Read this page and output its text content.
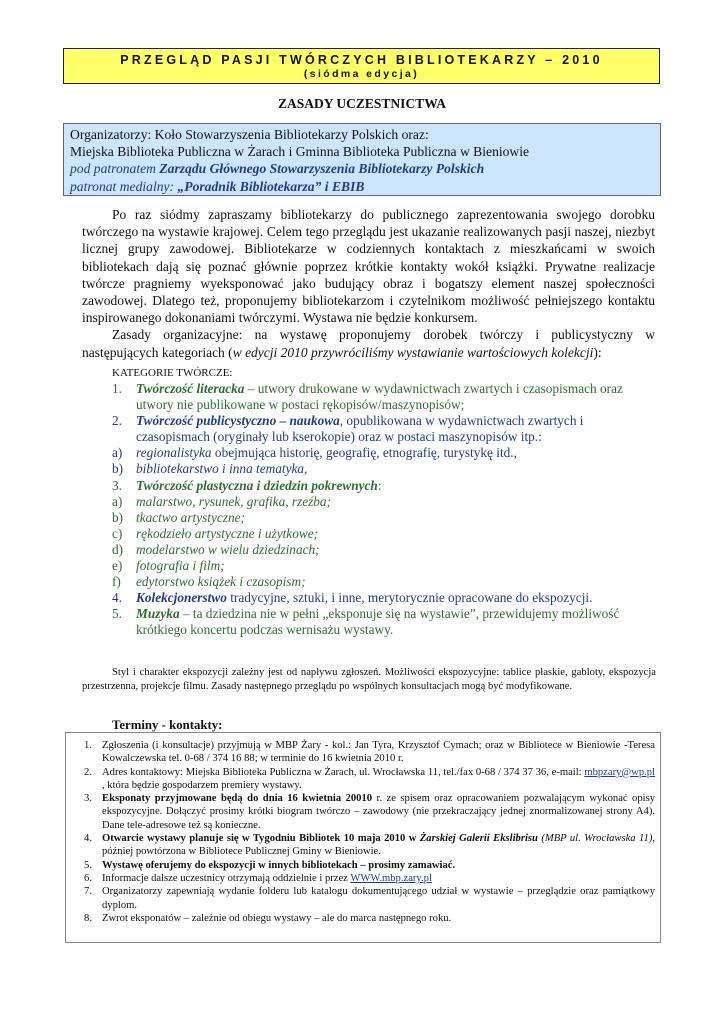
PRZEGLĄD PASJI TWÓRCZYCH BIBLIOTEKARZY – 2010
(siódma edycja)
ZASADY UCZESTNICTWA
Organizatorzy: Koło Stowarzyszenia Bibliotekarzy Polskich oraz:
Miejska Biblioteka Publiczna w Żarach i Gminna Biblioteka Publiczna w Bieniowie
pod patronatem Zarządu Głównego Stowarzyszenia Bibliotekarzy Polskich
patronat medialny: „Poradnik Bibliotekarza” i EBIB

Po raz siódmy zapraszamy bibliotekarzy do publicznego zaprezentowania swojego dorobku twórczego na wystawie krajowej. Celem tego przeglądu jest ukazanie realizowanych pasji naszej, niezbyt licznej grupy zawodowej. Bibliotekarze w codziennych kontaktach z mieszkańcami w swoich bibliotekach dają się poznać głównie poprzez krótkie kontakty wokół książki. Prywatne realizacje twórcze pragniemy wyeksponować jako budujący obraz i bogatszy element naszej społeczności zawodowej. Dlatego też, proponujemy bibliotekarzom i czytelnikom możliwość pełniejszego kontaktu inspirowanego dokonaniami twórczymi. Wystawa nie będzie konkursem.

Zasady organizacyjne: na wystawę proponujemy dorobek twórczy i publicystyczny w następujących kategoriach (w edycji 2010 przywróciliśmy wystawianie wartościowych kolekcji):

KATEGORIE TWÓRCZE:
1.	Twórczość literacka – utwory drukowane w wydawnictwach zwartych i czasopismach oraz utwory nie publikowane w postaci rękopisów/maszynopisów;
2.	Twórczość publicystyczno – naukowa, opublikowana w wydawnictwach zwartych i czasopismach (oryginały lub kserokopie) oraz w postaci maszynopisów itp.:
a)	regionalistyka obejmująca historię, geografię, etnografię, turystykę itd.,
b) bibliotekarstwo i inna tematyka,
3.	Twórczość plastyczna i dziedzin pokrewnych:
a)	malarstwo, rysunek, grafika, rzeźba;
b) tkactwo artystyczne;
c)	rękodzieło artystyczne i użytkowe;
d) modelarstwo w wielu dziedzinach;
e)	fotografia i film;
f)	edytorstwo książek i czasopism;
4.	Kolekcjonerstwo tradycyjne, sztuki, i inne, merytorycznie opracowane do ekspozycji.
5.	Muzyka – ta dziedzina nie w pełni „eksponuje się na wystawie”, przewidujemy możliwość krótkiego koncertu podczas wernisażu wystawy.

Styl i charakter ekspozycji zależny jest od napływu zgłoszeń. Możliwości ekspozycyjne: tablice płaskie, gabloty, ekspozycja przestrzenna, projekcje filmu. Zasady następnego przeglądu po wspólnych konsultacjach mogą być modyfikowane.

Terminy - kontakty:
1. Zgłoszenia (i konsultacje) przyjmują w MBP Żary - kol.: Jan Tyra, Krzysztof Cymach; oraz w Bibliotece w Bieniowie -Teresa Kowalczewska tel. 0-68 / 374 16 88; w terminie do 16 kwietnia 2010 r.
2. Adres kontaktowy: Miejska Biblioteka Publiczna w Żarach, ul. Wrocławska 11, tel./fax 0-68 / 374 37 36, e-mail: mbpzary@wp.pl , która będzie gospodarzem premiery wystawy.
3. Eksponaty przyjmowane będą do dnia 16 kwietnia 20010 r. ze spisem oraz opracowaniem pozwalającym wykonać opisy ekspozycyjne. Dołączyć prosimy krótki biogram twórczo – zawodowy (nie przekraczający jednej znormalizowanej strony A4). Dane tele-adresowe też są konieczne.
4. Otwarcie wystawy planuje się w Tygodniu Bibliotek 10 maja 2010 w Żarskiej Galerii Ekslibrisu (MBP ul. Wrocławska 11), później powtórzona w Bibliotece Publicznej Gminy w Bieniowie.
5. Wystawę oferujemy do ekspozycji w innych bibliotekach – prosimy zamawiać.
6. Informacje dalsze uczestnicy otrzymają oddzielnie i przez WWW.mbp.zary.pl
7. Organizatorzy zapewniają wydanie folderu lub katalogu dokumentującego udział w wystawie – przeglądzie oraz pamiątkowy dyplom.
8. Zwrot eksponatów – zależnie od obiegu wystawy – ale do marca następnego roku.
